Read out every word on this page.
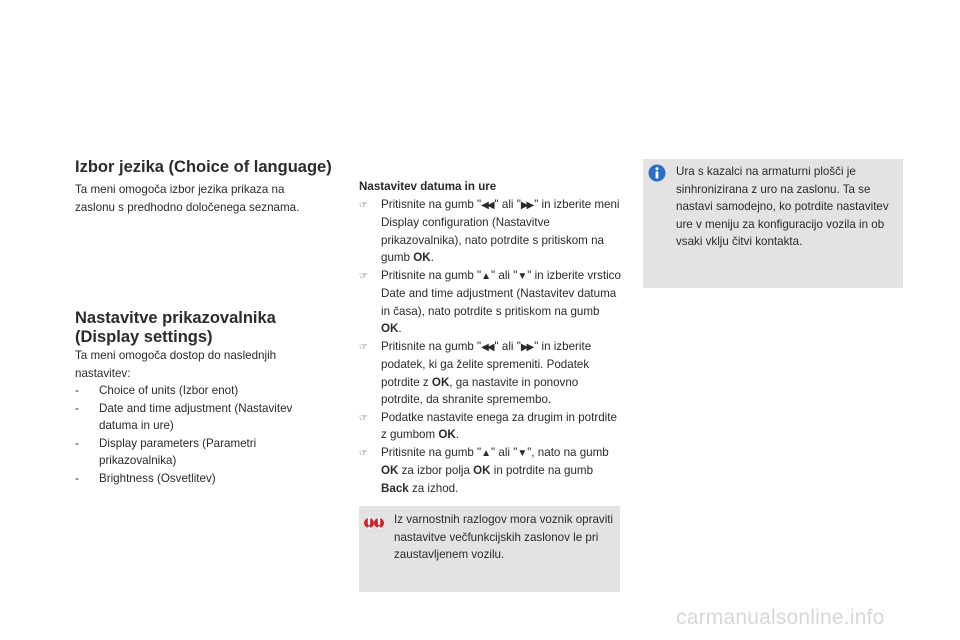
Izbor jezika (Choice of language)

Ta meni omogoča izbor jezika prikaza na zaslonu s predhodno določenega seznama.

Nastavitve prikazovalnika
(Display settings)

Ta meni omogoča dostop do naslednjih nastavitev:

- Choice of units (Izbor enot)
- Date and time adjustment (Nastavitev datuma in ure)
- Display parameters (Parametri prikazovalnika)
- Brightness (Osvetlitev)
Nastavitev datuma in ure
☞ Pritisnite na gumb "◀◀ " ali "▶▶ " in izberite meni Display configuration (Nastavitve prikazovalnika), nato potrdite s pritiskom na gumb OK.
☞ Pritisnite na gumb "▲ " ali "▼ " in izberite vrstico Date and time adjustment (Nastavitev datuma in časa), nato potrdite s pritiskom na gumb OK.
☞ Pritisnite na gumb "◀◀ " ali "▶▶ " in izberite podatek, ki ga želite spremeniti. Podatek potrdite z OK, ga nastavite in ponovno potrdite, da shranite spremembo.
☞ Podatke nastavite enega za drugim in potrdite z gumbom OK.
☞ Pritisnite na gumb "▲ " ali "▼ ", nato na gumb OK za izbor polja OK in potrdite na gumb Back za izhod.

Iz varnostnih razlogov mora voznik opraviti nastavitve večfunkcijskih zaslonov le pri zaustavljenem vozilu.

Ura s kazalci na armaturni plošči je sinhronizirana z uro na zaslonu. Ta se nastavi samodejno, ko potrdite nastavitev ure v meniju za konfiguracijo vozila in ob vsaki vklju čitvi kontakta.

carmanualsonline.info
